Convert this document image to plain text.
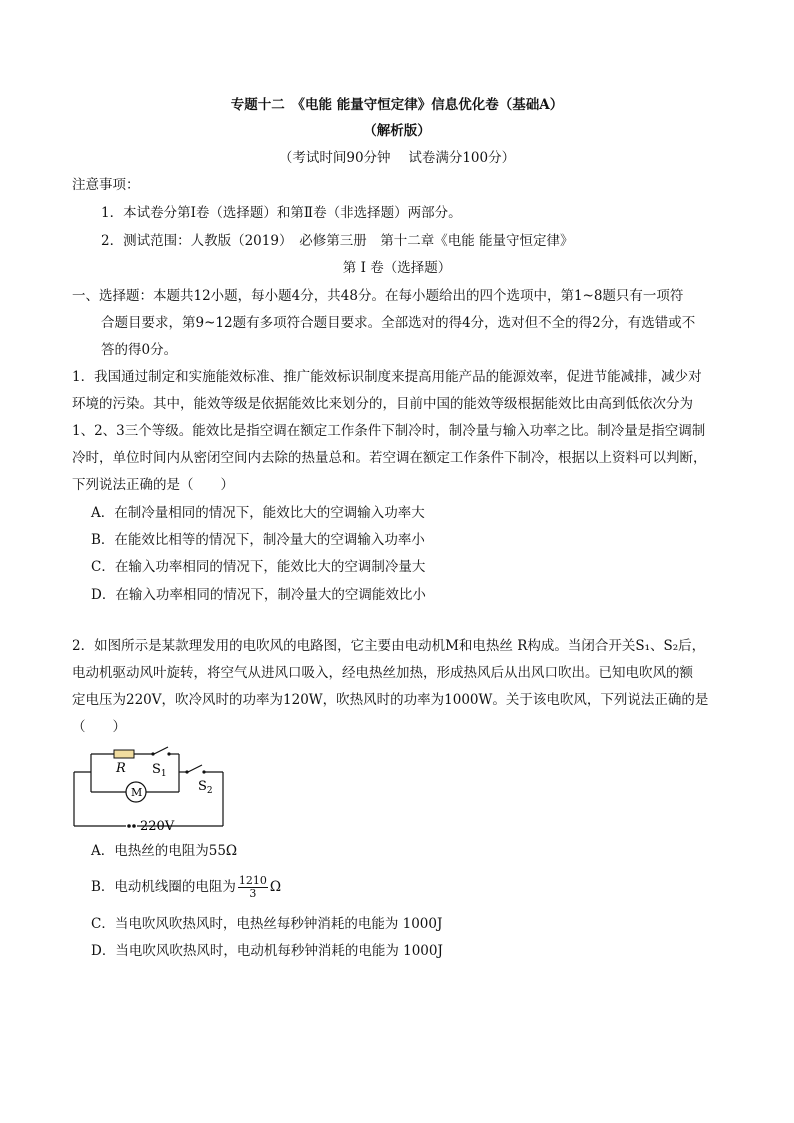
专题十二　《电能 能量守恒定律》信息优化卷（基础A）
（解析版）
（考试时间90分钟　 试卷满分100分）
注意事项：
1．本试卷分第Ⅰ卷（选择题）和第Ⅱ卷（非选择题）两部分。
2．测试范围：人教版（2019）　必修第三册　第十二章《电能 能量守恒定律》
第 Ⅰ 卷（选择题）
一、选择题：本题共12小题，每小题4分，共48分。在每小题给出的四个选项中，第1~8题只有一项符
合题目要求，第9~12题有多项符合题目要求。全部选对的得4分，选对但不全的得2分，有选错或不
答的得0分。
1．我国通过制定和实施能效标准、推广能效标识制度来提高用能产品的能源效率，促进节能减排，减少对
环境的污染。其中，能效等级是依据能效比来划分的，目前中国的能效等级根据能效比由高到低依次分为
1、2、3三个等级。能效比是指空调在额定工作条件下制冷时，制冷量与输入功率之比。制冷量是指空调制
冷时，单位时间内从密闭空间内去除的热量总和。若空调在额定工作条件下制冷，根据以上资料可以判断，
下列说法正确的是（　　）
A．在制冷量相同的情况下，能效比大的空调输入功率大
B．在能效比相等的情况下，制冷量大的空调输入功率小
C．在输入功率相同的情况下，能效比大的空调制冷量大
D．在输入功率相同的情况下，制冷量大的空调能效比小
2．如图所示是某款理发用的电吹风的电路图，它主要由电动机M和电热丝 R构成。当闭合开关S₁、S₂后，
电动机驱动风叶旋转，将空气从进风口吸入，经电热丝加热，形成热风后从出风口吹出。已知电吹风的额
定电压为220V，吹冷风时的功率为120W，吹热风时的功率为1000W。关于该电吹风，下列说法正确的是
（　　）
R $S_1$
$S_2$
M
220V
A．电热丝的电阻为55Ω
B．电动机线圈的电阻为 $\frac{1210}{3}$ Ω
C．当电吹风吹热风时，电热丝每秒钟消耗的电能为 1000J
D．当电吹风吹热风时，电动机每秒钟消耗的电能为 1000J
